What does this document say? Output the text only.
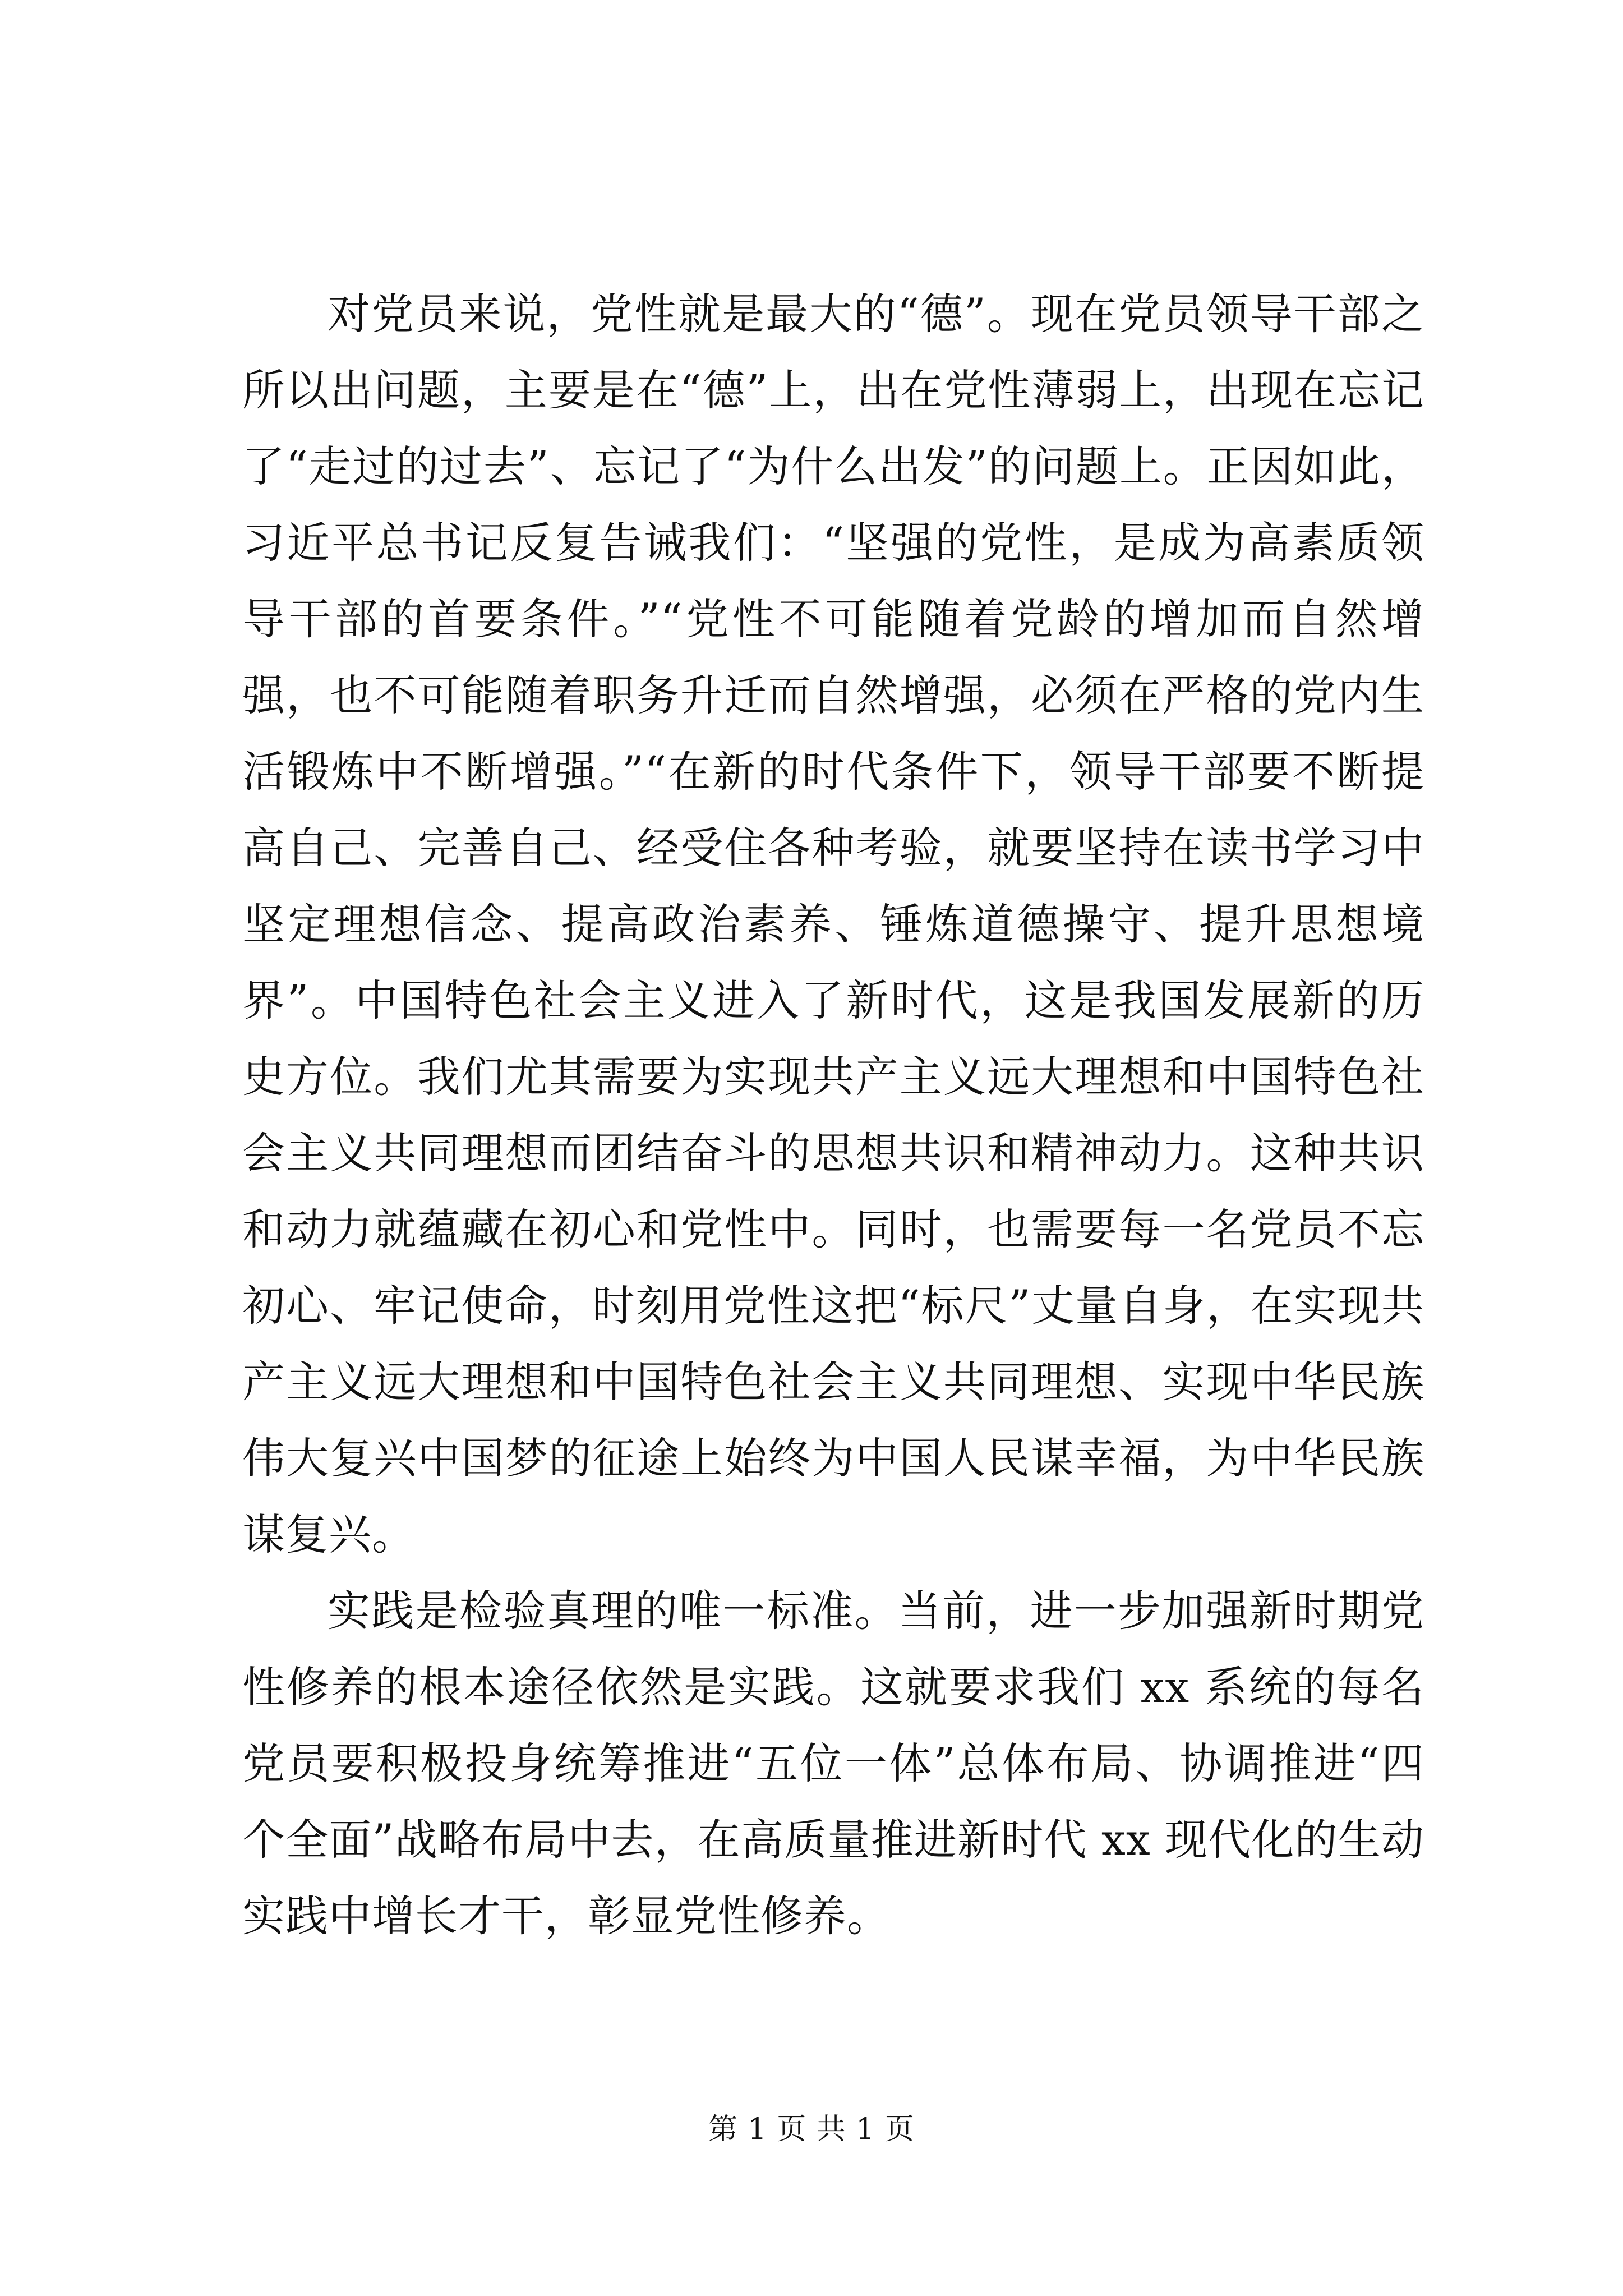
对党员来说，党性就是最大的“德”。现在党员领导干部之所以出问题，主要是在“德”上，出在党性薄弱上，出现在忘记了“走过的过去”、忘记了“为什么出发”的问题上。正因如此，习近平总书记反复告诫我们：“坚强的党性，是成为高素质领导干部的首要条件。”“党性不可能随着党龄的增加而自然增强，也不可能随着职务升迁而自然增强，必须在严格的党内生活锻炼中不断增强。”“在新的时代条件下，领导干部要不断提高自己、完善自己、经受住各种考验，就要坚持在读书学习中坚定理想信念、提高政治素养、锤炼道德操守、提升思想境界”。中国特色社会主义进入了新时代，这是我国发展新的历史方位。我们尤其需要为实现共产主义远大理想和中国特色社会主义共同理想而团结奋斗的思想共识和精神动力。这种共识和动力就蕴藏在初心和党性中。同时，也需要每一名党员不忘初心、牢记使命，时刻用党性这把“标尺”丈量自身，在实现共产主义远大理想和中国特色社会主义共同理想、实现中华民族伟大复兴中国梦的征途上始终为中国人民谋幸福，为中华民族谋复兴。

实践是检验真理的唯一标准。当前，进一步加强新时期党性修养的根本途径依然是实践。这就要求我们 xx 系统的每名党员要积极投身统筹推进“五位一体”总体布局、协调推进“四个全面”战略布局中去，在高质量推进新时代 xx 现代化的生动实践中增长才干，彰显党性修养。

第 1 页 共 1 页
